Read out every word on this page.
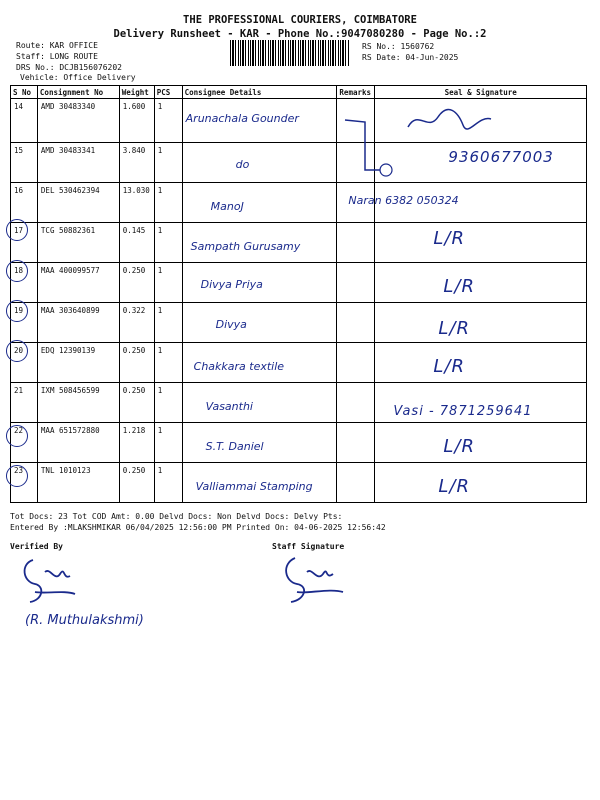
THE PROFESSIONAL COURIERS, COIMBATORE
Delivery Runsheet - KAR - Phone No.:9047080280 - Page No.:2
Route: KAR OFFICE
Staff: LONG ROUTE
DRS No.: DCJB156076202
Vehicle: Office Delivery
RS No.: 1560762
RS Date: 04-Jun-2025
S No	Consignment No	Weight	PCS	Consignee Details	Remarks	Seal & Signature
14	AMD 30483340	1.600	1	Arunachala Gounder		
15	AMD 30483341	3.840	1	do		9360677003
16	DEL 530462394	13.030	1	ManoJ		Naran 6382 050324
17	TCG 50882361	0.145	1	Sampath Gurusamy		L/R
18	MAA 400099577	0.250	1	Divya Priya		L/R
19	MAA 303640899	0.322	1	Divya		L/R
20	EDQ 12390139	0.250	1	Chakkara textile		L/R
21	IXM 508456599	0.250	1	Vasanthi		Vasi - 7871259641
22	MAA 651572880	1.218	1	S.T. Daniel		L/R
23	TNL 1010123	0.250	1	Valliammai Stamping		L/R
Tot Docs: 23 Tot COD Amt: 0.00 Delvd Docs: Non Delvd Docs: Delvy Pts:
Entered By :MLAKSHMIKAR 06/04/2025 12:56:00 PM Printed On: 04-06-2025 12:56:42
Verified By	Staff Signature
(R. Muthulakshmi)
